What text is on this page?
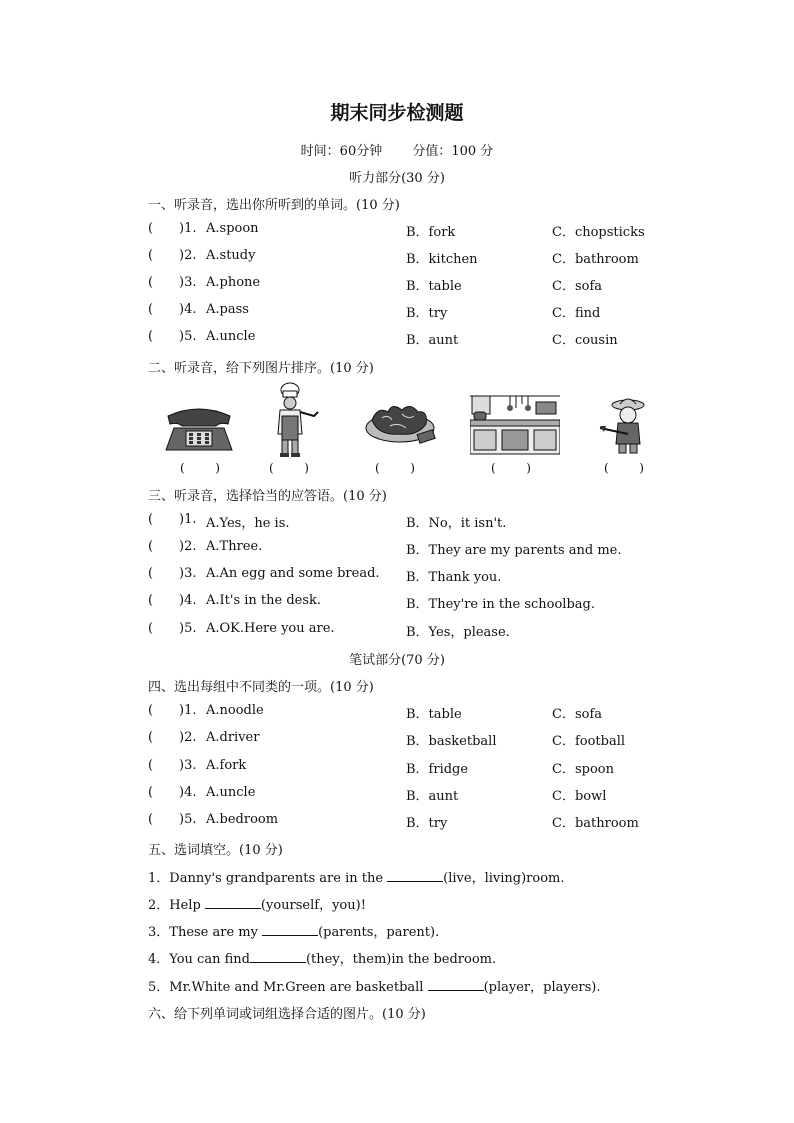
期末同步检测题
时间：60分钟 分值：100 分
听力部分(30 分)
一、听录音，选出你所听到的单词。(10 分)
( )1. A.spoon	B．fork	C．chopsticks
( )2. A.study	B．kitchen	C．bathroom
( )3. A.phone	B．table	C．sofa
( )4. A.pass	B．try	C．find
( )5. A.uncle	B．aunt	C．cousin
二、听录音，给下列图片排序。(10 分)
(        )	(        )	(        )	(        )	(        )
三、听录音，选择恰当的应答语。(10 分)
( )1. A.Yes，he is.	B．No，it isn't.
( )2. A.Three.	B．They are my parents and me.
( )3. A.An egg and some bread. B．Thank you.
( )4. A.It's in the desk.	B．They're in the schoolbag.
( )5. A.OK.Here you are.	B．Yes，please.
笔试部分(70 分)
四、选出每组中不同类的一项。(10 分)
( )1. A.noodle	B．table	C．sofa
( )2. A.driver	B．basketball	C．football
( )3. A.fork	B．fridge	C．spoon
( )4. A.uncle	B．aunt	C．bowl
( )5. A.bedroom	B．try	C．bathroom
五、选词填空。(10 分)
1．Danny's grandparents are in the	(live，living)room.
2．Help	(yourself，you)!
3．These are my	(parents，parent).
4．You can find	(they，them)in the bedroom.
5．Mr.White and Mr.Green are basketball	(player，players).
六、给下列单词或词组选择合适的图片。(10 分)
